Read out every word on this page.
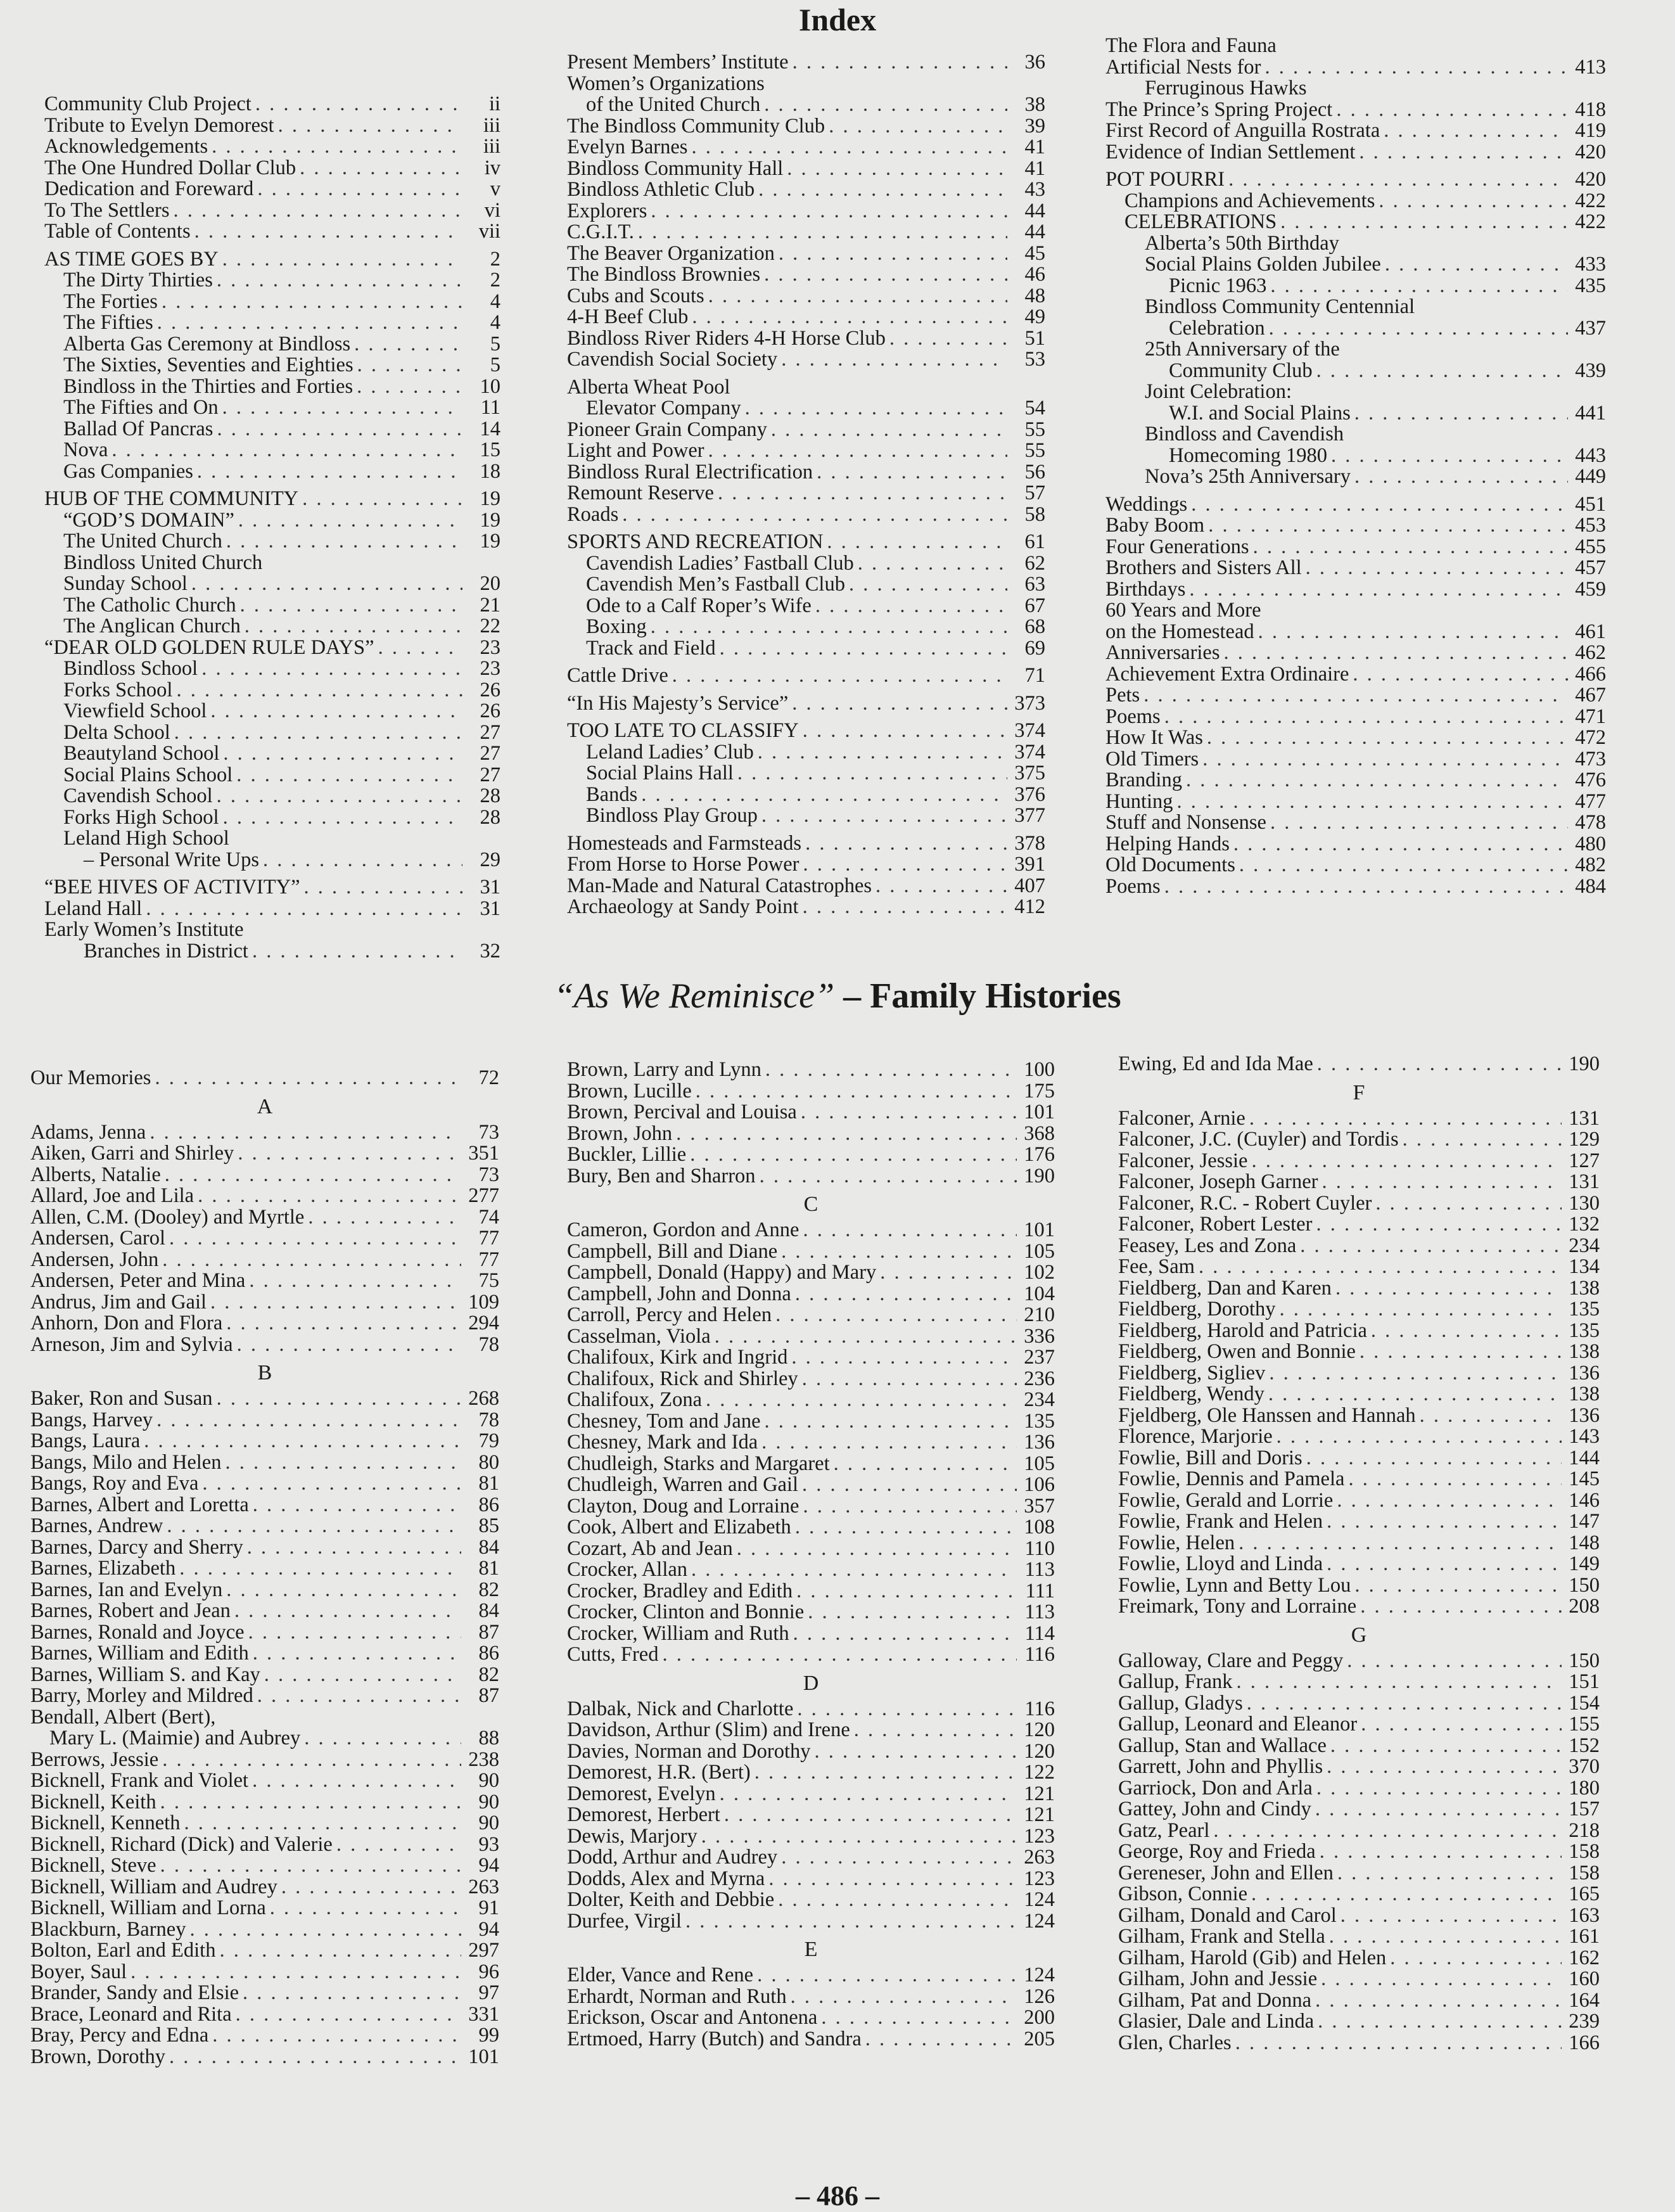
Index
Community Club Project . . .	ii
Tribute to Evelyn Demorest . . .	iii
Acknowledgements . . .	iii
The One Hundred Dollar Club . . .	iv
Dedication and Foreward . . .	v
To The Settlers . . .	vi
Table of Contents . . .	vii
AS TIME GOES BY . . .	2
The Dirty Thirties . . .	2
The Forties . . .	4
The Fifties . . .	4
Alberta Gas Ceremony at Bindloss . . .	5
The Sixties, Seventies and Eighties . . .	5
Bindloss in the Thirties and Forties . . .	10
The Fifties and On . . .	11
Ballad Of Pancras . . .	14
Nova . . .	15
Gas Companies . . .	18
HUB OF THE COMMUNITY . . .	19
“GOD’S DOMAIN” . . .	19
The United Church . . .	19
Bindloss United Church
Sunday School . . .	20
The Catholic Church . . .	21
The Anglican Church . . .	22
“DEAR OLD GOLDEN RULE DAYS” . . .	23
Bindloss School . . .	23
Forks School . . .	26
Viewfield School . . .	26
Delta School . . .	27
Beautyland School . . .	27
Social Plains School . . .	27
Cavendish School . . .	28
Forks High School . . .	28
Leland High School
– Personal Write Ups . . .	29
“BEE HIVES OF ACTIVITY” . . .	31
Leland Hall . . .	31
Early Women’s Institute
Branches in District . . .	32
Present Members’ Institute . . .	36
Women’s Organizations
of the United Church . . .	38
The Bindloss Community Club . . .	39
Evelyn Barnes . . .	41
Bindloss Community Hall . . .	41
Bindloss Athletic Club . . .	43
Explorers . . .	44
C.G.I.T. . . .	44
The Beaver Organization . . .	45
The Bindloss Brownies . . .	46
Cubs and Scouts . . .	48
4-H Beef Club . . .	49
Bindloss River Riders 4-H Horse Club . . .	51
Cavendish Social Society . . .	53
Alberta Wheat Pool
Elevator Company . . .	54
Pioneer Grain Company . . .	55
Light and Power . . .	55
Bindloss Rural Electrification . . .	56
Remount Reserve . . .	57
Roads . . .	58
SPORTS AND RECREATION . . .	61
Cavendish Ladies’ Fastball Club . . .	62
Cavendish Men’s Fastball Club . . .	63
Ode to a Calf Roper’s Wife . . .	67
Boxing . . .	68
Track and Field . . .	69
Cattle Drive . . .	71
“In His Majesty’s Service” . . .	373
TOO LATE TO CLASSIFY . . .	374
Leland Ladies’ Club . . .	374
Social Plains Hall . . .	375
Bands . . .	376
Bindloss Play Group . . .	377
Homesteads and Farmsteads . . .	378
From Horse to Horse Power . . .	391
Man-Made and Natural Catastrophes . . .	407
Archaeology at Sandy Point . . .	412
The Flora and Fauna
Artificial Nests for . . .	413
Ferruginous Hawks
The Prince’s Spring Project . . .	418
First Record of Anguilla Rostrata . . .	419
Evidence of Indian Settlement . . .	420
POT POURRI . . .	420
Champions and Achievements . . .	422
CELEBRATIONS . . .	422
Alberta’s 50th Birthday
Social Plains Golden Jubilee . . .	433
Picnic 1963 . . .	435
Bindloss Community Centennial
Celebration . . .	437
25th Anniversary of the
Community Club . . .	439
Joint Celebration:
W.I. and Social Plains . . .	441
Bindloss and Cavendish
Homecoming 1980 . . .	443
Nova’s 25th Anniversary . . .	449
Weddings . . .	451
Baby Boom . . .	453
Four Generations . . .	455
Brothers and Sisters All . . .	457
Birthdays . . .	459
60 Years and More
on the Homestead . . .	461
Anniversaries . . .	462
Achievement Extra Ordinaire . . .	466
Pets . . .	467
Poems . . .	471
How It Was . . .	472
Old Timers . . .	473
Branding . . .	476
Hunting . . .	477
Stuff and Nonsense . . .	478
Helping Hands . . .	480
Old Documents . . .	482
Poems . . .	484
“As We Reminisce” – Family Histories
Our Memories . . .	72
A
Adams, Jenna . . .	73
Aiken, Garri and Shirley . . .	351
Alberts, Natalie . . .	73
Allard, Joe and Lila . . .	277
Allen, C.M. (Dooley) and Myrtle . . .	74
Andersen, Carol . . .	77
Andersen, John . . .	77
Andersen, Peter and Mina . . .	75
Andrus, Jim and Gail . . .	109
Anhorn, Don and Flora . . .	294
Arneson, Jim and Sylvia . . .	78
B
Baker, Ron and Susan . . .	268
Bangs, Harvey . . .	78
Bangs, Laura . . .	79
Bangs, Milo and Helen . . .	80
Bangs, Roy and Eva . . .	81
Barnes, Albert and Loretta . . .	86
Barnes, Andrew . . .	85
Barnes, Darcy and Sherry . . .	84
Barnes, Elizabeth . . .	81
Barnes, Ian and Evelyn . . .	82
Barnes, Robert and Jean . . .	84
Barnes, Ronald and Joyce . . .	87
Barnes, William and Edith . . .	86
Barnes, William S. and Kay . . .	82
Barry, Morley and Mildred . . .	87
Bendall, Albert (Bert),
Mary L. (Maimie) and Aubrey . . .	88
Berrows, Jessie . . .	238
Bicknell, Frank and Violet . . .	90
Bicknell, Keith . . .	90
Bicknell, Kenneth . . .	90
Bicknell, Richard (Dick) and Valerie . . .	93
Bicknell, Steve . . .	94
Bicknell, William and Audrey . . .	263
Bicknell, William and Lorna . . .	91
Blackburn, Barney . . .	94
Bolton, Earl and Edith . . .	297
Boyer, Saul . . .	96
Brander, Sandy and Elsie . . .	97
Brace, Leonard and Rita . . .	331
Bray, Percy and Edna . . .	99
Brown, Dorothy . . .	101
Brown, Larry and Lynn . . .	100
Brown, Lucille . . .	175
Brown, Percival and Louisa . . .	101
Brown, John . . .	368
Buckler, Lillie . . .	176
Bury, Ben and Sharron . . .	190
C
Cameron, Gordon and Anne . . .	101
Campbell, Bill and Diane . . .	105
Campbell, Donald (Happy) and Mary . . .	102
Campbell, John and Donna . . .	104
Carroll, Percy and Helen . . .	210
Casselman, Viola . . .	336
Chalifoux, Kirk and Ingrid . . .	237
Chalifoux, Rick and Shirley . . .	236
Chalifoux, Zona . . .	234
Chesney, Tom and Jane . . .	135
Chesney, Mark and Ida . . .	136
Chudleigh, Starks and Margaret . . .	105
Chudleigh, Warren and Gail . . .	106
Clayton, Doug and Lorraine . . .	357
Cook, Albert and Elizabeth . . .	108
Cozart, Ab and Jean . . .	110
Crocker, Allan . . .	113
Crocker, Bradley and Edith . . .	111
Crocker, Clinton and Bonnie . . .	113
Crocker, William and Ruth . . .	114
Cutts, Fred . . .	116
D
Dalbak, Nick and Charlotte . . .	116
Davidson, Arthur (Slim) and Irene . . .	120
Davies, Norman and Dorothy . . .	120
Demorest, H.R. (Bert) . . .	122
Demorest, Evelyn . . .	121
Demorest, Herbert . . .	121
Dewis, Marjory . . .	123
Dodd, Arthur and Audrey . . .	263
Dodds, Alex and Myrna . . .	123
Dolter, Keith and Debbie . . .	124
Durfee, Virgil . . .	124
E
Elder, Vance and Rene . . .	124
Erhardt, Norman and Ruth . . .	126
Erickson, Oscar and Antonena . . .	200
Ertmoed, Harry (Butch) and Sandra . . .	205
Ewing, Ed and Ida Mae . . .	190
F
Falconer, Arnie . . .	131
Falconer, J.C. (Cuyler) and Tordis . . .	129
Falconer, Jessie . . .	127
Falconer, Joseph Garner . . .	131
Falconer, R.C. - Robert Cuyler . . .	130
Falconer, Robert Lester . . .	132
Feasey, Les and Zona . . .	234
Fee, Sam . . .	134
Fieldberg, Dan and Karen . . .	138
Fieldberg, Dorothy . . .	135
Fieldberg, Harold and Patricia . . .	135
Fieldberg, Owen and Bonnie . . .	138
Fieldberg, Sigliev . . .	136
Fieldberg, Wendy . . .	138
Fjeldberg, Ole Hanssen and Hannah . . .	136
Florence, Marjorie . . .	143
Fowlie, Bill and Doris . . .	144
Fowlie, Dennis and Pamela . . .	145
Fowlie, Gerald and Lorrie . . .	146
Fowlie, Frank and Helen . . .	147
Fowlie, Helen . . .	148
Fowlie, Lloyd and Linda . . .	149
Fowlie, Lynn and Betty Lou . . .	150
Freimark, Tony and Lorraine . . .	208
G
Galloway, Clare and Peggy . . .	150
Gallup, Frank . . .	151
Gallup, Gladys . . .	154
Gallup, Leonard and Eleanor . . .	155
Gallup, Stan and Wallace . . .	152
Garrett, John and Phyllis . . .	370
Garriock, Don and Arla . . .	180
Gattey, John and Cindy . . .	157
Gatz, Pearl . . .	218
George, Roy and Frieda . . .	158
Gereneser, John and Ellen . . .	158
Gibson, Connie . . .	165
Gilham, Donald and Carol . . .	163
Gilham, Frank and Stella . . .	161
Gilham, Harold (Gib) and Helen . . .	162
Gilham, John and Jessie . . .	160
Gilham, Pat and Donna . . .	164
Glasier, Dale and Linda . . .	239
Glen, Charles . . .	166
– 486 –
